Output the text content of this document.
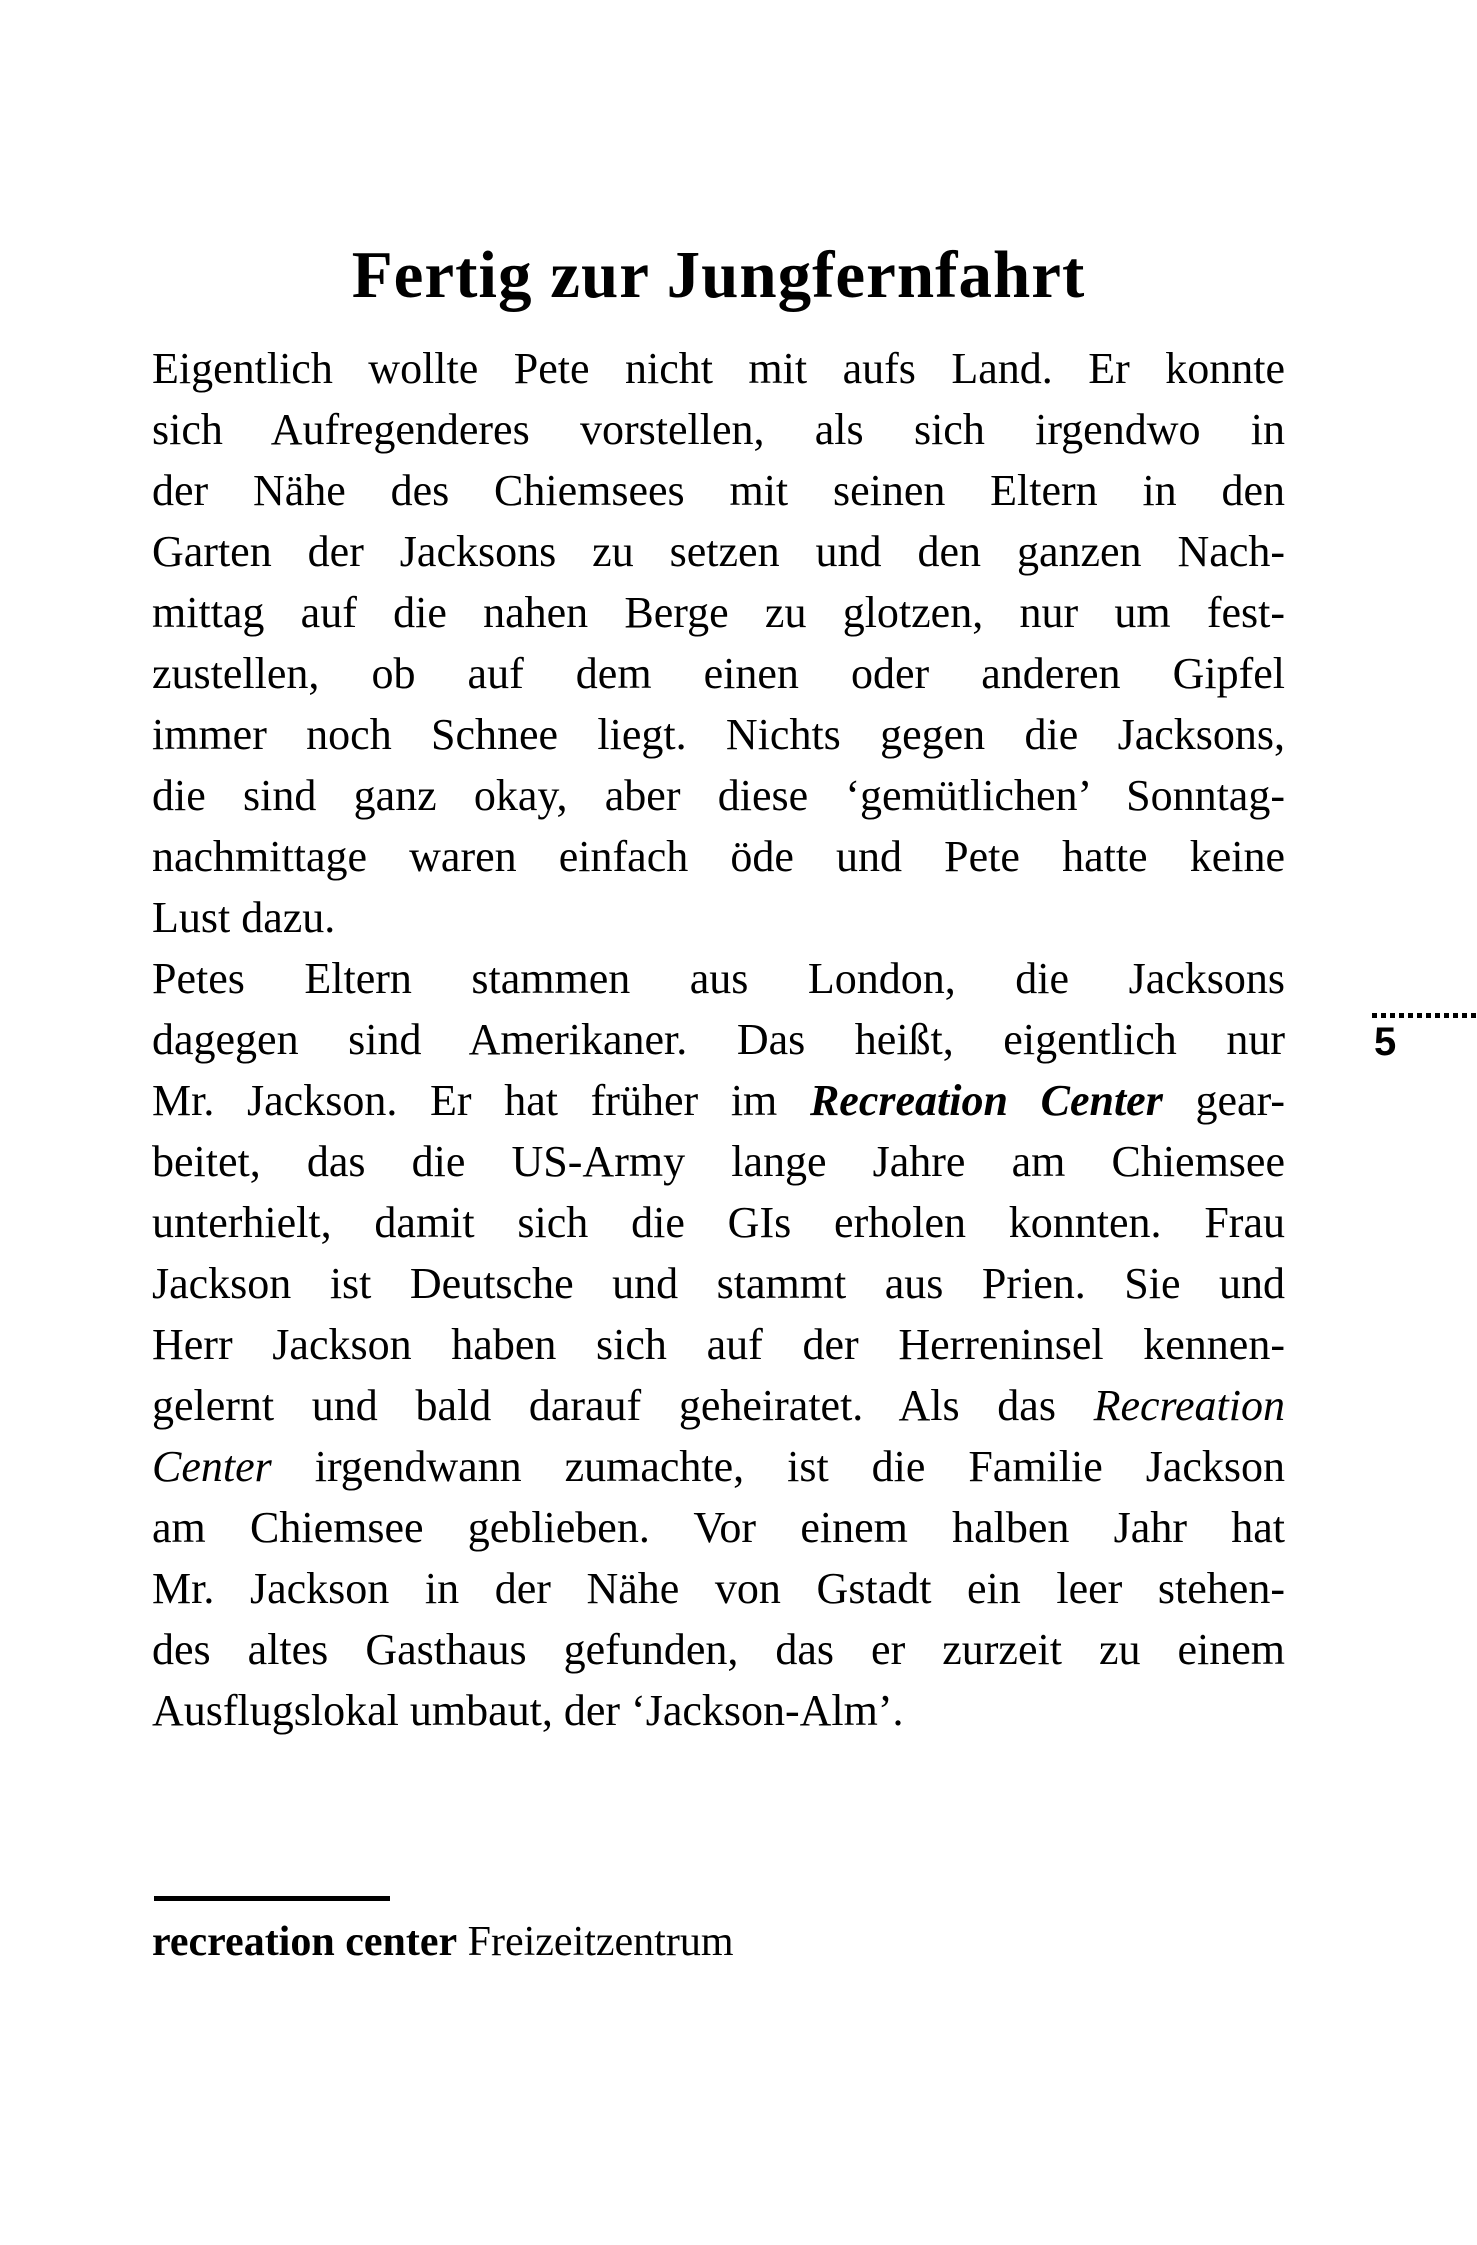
Fertig zur Jungfernfahrt
Eigentlich wollte Pete nicht mit aufs Land. Er konnte
sich Aufregenderes vorstellen, als sich irgendwo in
der Nähe des Chiemsees mit seinen Eltern in den
Garten der Jacksons zu setzen und den ganzen Nach-
mittag auf die nahen Berge zu glotzen, nur um fest-
zustellen, ob auf dem einen oder anderen Gipfel
immer noch Schnee liegt. Nichts gegen die Jacksons,
die sind ganz okay, aber diese ‘gemütlichen’ Sonntag-
nachmittage waren einfach öde und Pete hatte keine
Lust dazu.
Petes Eltern stammen aus London, die Jacksons
dagegen sind Amerikaner. Das heißt, eigentlich nur
Mr. Jackson. Er hat früher im Recreation Center gear-
beitet, das die US-Army lange Jahre am Chiemsee
unterhielt, damit sich die GIs erholen konnten. Frau
Jackson ist Deutsche und stammt aus Prien. Sie und
Herr Jackson haben sich auf der Herreninsel kennen-
gelernt und bald darauf geheiratet. Als das Recreation
Center irgendwann zumachte, ist die Familie Jackson
am Chiemsee geblieben. Vor einem halben Jahr hat
Mr. Jackson in der Nähe von Gstadt ein leer stehen-
des altes Gasthaus gefunden, das er zurzeit zu einem
Ausflugslokal umbaut, der ‘Jackson-Alm’.
5
recreation center Freizeitzentrum
